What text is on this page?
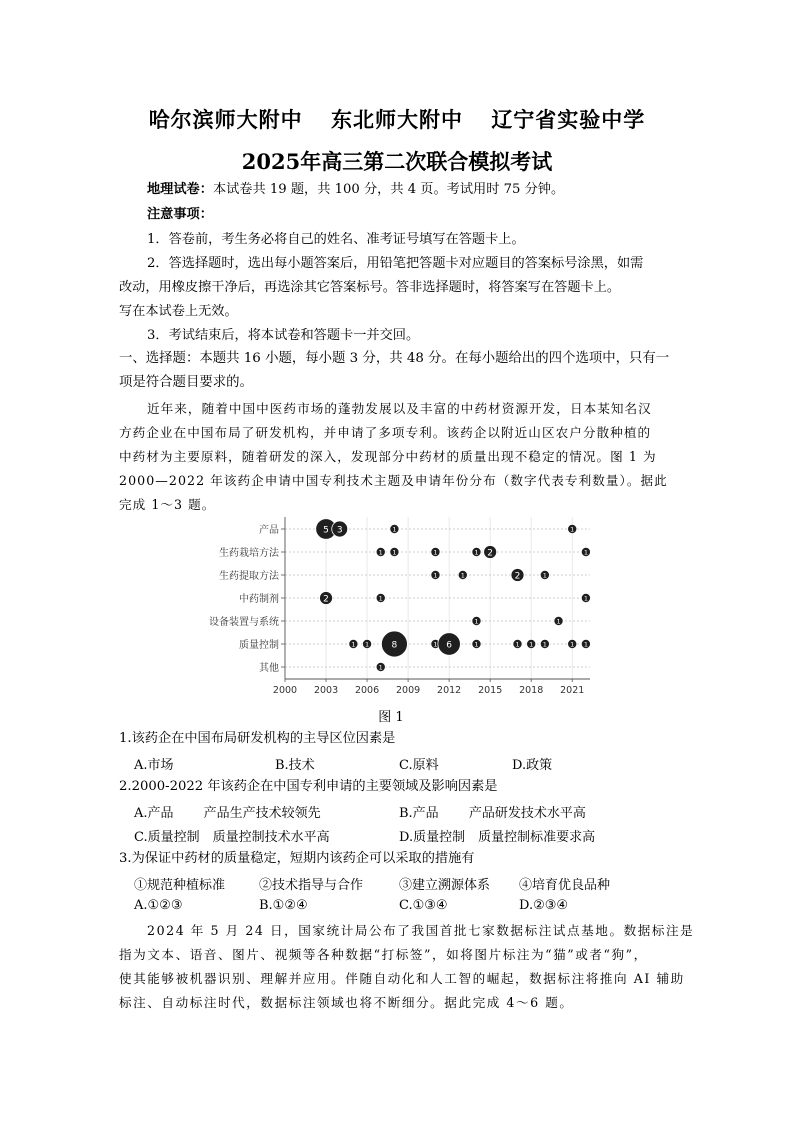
哈尔滨师大附中 东北师大附中 辽宁省实验中学
2025年高三第二次联合模拟考试
地理试卷：本试卷共 19 题，共 100 分，共 4 页。考试用时 75 分钟。
注意事项：
1．答卷前，考生务必将自己的姓名、准考证号填写在答题卡上。
2．答选择题时，选出每小题答案后，用铅笔把答题卡对应题目的答案标号涂黑，如需
改动，用橡皮擦干净后，再选涂其它答案标号。答非选择题时，将答案写在答题卡上。
写在本试卷上无效。
3．考试结束后，将本试卷和答题卡一并交回。
一、选择题：本题共 16 小题，每小题 3 分，共 48 分。在每小题给出的四个选项中，只有一
项是符合题目要求的。
近年来，随着中国中医药市场的蓬勃发展以及丰富的中药材资源开发，日本某知名汉
方药企业在中国布局了研发机构，并申请了多项专利。该药企以附近山区农户分散种植的
中药材为主要原料，随着研发的深入，发现部分中药材的质量出现不稳定的情况。图 1 为
2000—2022 年该药企申请中国专利技术主题及申请年份分布（数字代表专利数量）。据此
完成 1～3 题。
产品
生药栽培方法
生药提取方法
中药制剂
设备装置与系统
质量控制
其他
2000 2003 2006 2009 2012 2015 2018 2021
5 3	1	1
1 1	1	1 2	1
1	1	2	1
2	1	1
1	1
1 1 8	1 6	1	1 1 1	1 1
1
图 1
1.该药企在中国布局研发机构的主导区位因素是
A.市场	B.技术	C.原料	D.政策
2.2000-2022 年该药企在中国专利申请的主要领域及影响因素是
A.产品　　 产品生产技术较领先	B.产品　　 产品研发技术水平高
C.质量控制　质量控制技术水平高	D.质量控制　质量控制标准要求高
3.为保证中药材的质量稳定，短期内该药企可以采取的措施有
①规范种植标准	②技术指导与合作	③建立溯源体系 ④培育优良品种
A.①②③	B.①②④	C.①③④	D.②③④
2024 年 5 月 24 日，国家统计局公布了我国首批七家数据标注试点基地。数据标注是
指为文本、语音、图片、视频等各种数据“打标签”，如将图片标注为“猫”或者“狗”，
使其能够被机器识别、理解并应用。伴随自动化和人工智的崛起，数据标注将推向 AI 辅助
标注、自动标注时代，数据标注领域也将不断细分。据此完成 4～6 题。
